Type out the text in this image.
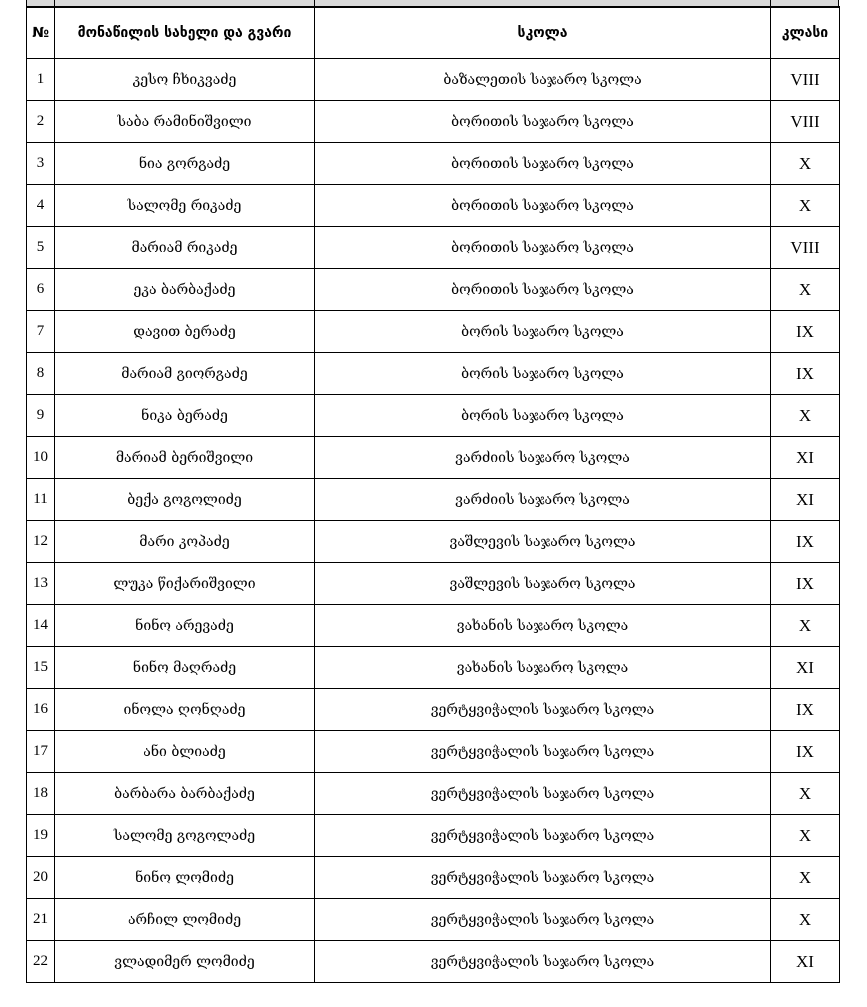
№	მონაწილის სახელი და გვარი	სკოლა	კლასი
1	კესო ჩხიკვაძე	ბაზალეთის საჯარო სკოლა	VIII
2	საბა რამინიშვილი	ბორითის საჯარო სკოლა	VIII
3	ნია გორგაძე	ბორითის საჯარო სკოლა	X
4	სალომე რიკაძე	ბორითის საჯარო სკოლა	X
5	მარიამ რიკაძე	ბორითის საჯარო სკოლა	VIII
6	ეკა ბარბაქაძე	ბორითის საჯარო სკოლა	X
7	დავით ბერაძე	ბორის საჯარო სკოლა	IX
8	მარიამ გიორგაძე	ბორის საჯარო სკოლა	IX
9	ნიკა ბერაძე	ბორის საჯარო სკოლა	X
10	მარიამ ბერიშვილი	ვარძიის საჯარო სკოლა	XI
11	ბექა გოგოლიძე	ვარძიის საჯარო სკოლა	XI
12	მარი კოპაძე	ვაშლევის საჯარო სკოლა	IX
13	ლუკა წიქარიშვილი	ვაშლევის საჯარო სკოლა	IX
14	ნინო არევაძე	ვახანის საჯარო სკოლა	X
15	ნინო მაღრაძე	ვახანის საჯარო სკოლა	XI
16	ინოლა ღონღაძე	ვერტყვიჭალის საჯარო სკოლა	IX
17	ანი ბლიაძე	ვერტყვიჭალის საჯარო სკოლა	IX
18	ბარბარა ბარბაქაძე	ვერტყვიჭალის საჯარო სკოლა	X
19	სალომე გოგოლაძე	ვერტყვიჭალის საჯარო სკოლა	X
20	ნინო ლომიძე	ვერტყვიჭალის საჯარო სკოლა	X
21	არჩილ ლომიძე	ვერტყვიჭალის საჯარო სკოლა	X
22	ვლადიმერ ლომიძე	ვერტყვიჭალის საჯარო სკოლა	XI
